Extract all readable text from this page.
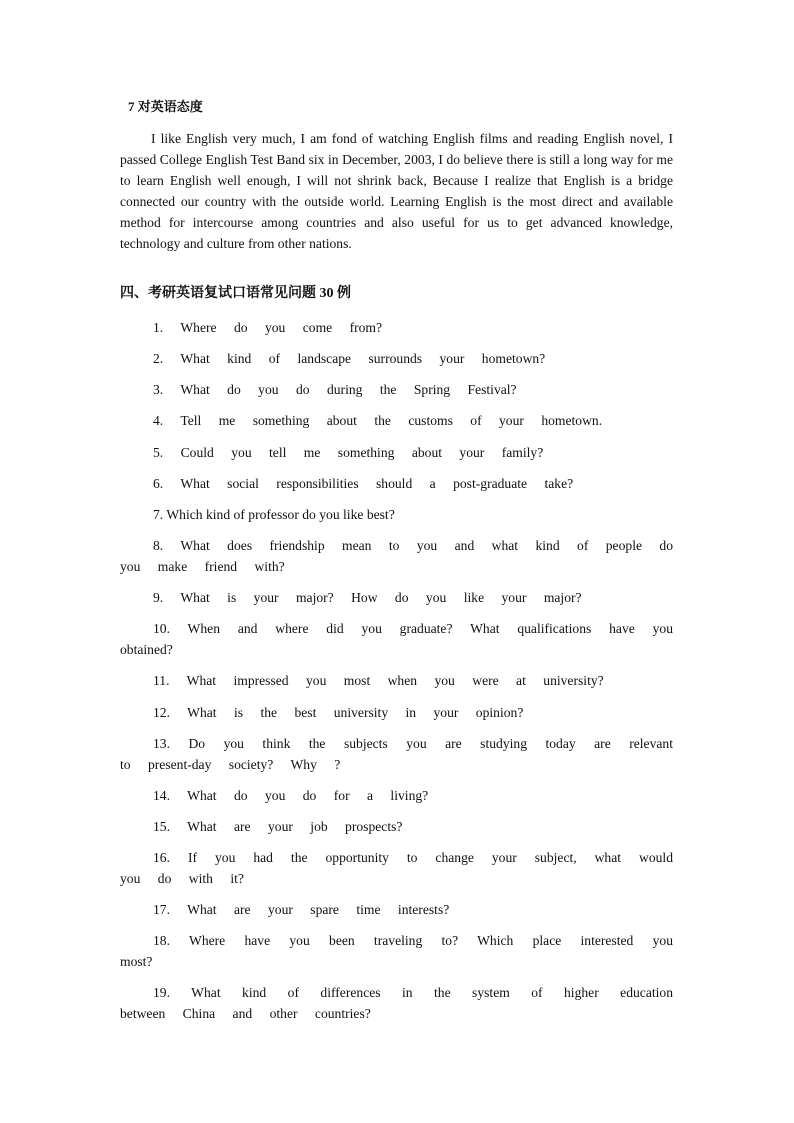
7 对英语态度
I like English very much, I am fond of watching English films and reading English novel, I passed College English Test Band six in December, 2003, I do believe there is still a long way for me to learn English well enough, I will not shrink back, Because I realize that English is a bridge connected our country with the outside world. Learning English is the most direct and available method for intercourse among countries and also useful for us to get advanced knowledge, technology and culture from other nations.
四、考研英语复试口语常见问题 30 例
1. Where do you come from?
2. What kind of landscape surrounds your hometown?
3. What do you do during the Spring Festival?
4. Tell me something about the customs of your hometown.
5. Could you tell me something about your family?
6. What social responsibilities should a post-graduate take?
7. Which kind of professor do you like best?
8. What does friendship mean to you and what kind of people do you make friend with?
9. What is your major? How do you like your major?
10. When and where did you graduate? What qualifications have you obtained?
11. What impressed you most when you were at university?
12. What is the best university in your opinion?
13. Do you think the subjects you are studying today are relevant to present-day society? Why ?
14. What do you do for a living?
15. What are your job prospects?
16. If you had the opportunity to change your subject, what would you do with it?
17. What are your spare time interests?
18. Where have you been traveling to? Which place interested you most?
19. What kind of differences in the system of higher education between China and other countries?
